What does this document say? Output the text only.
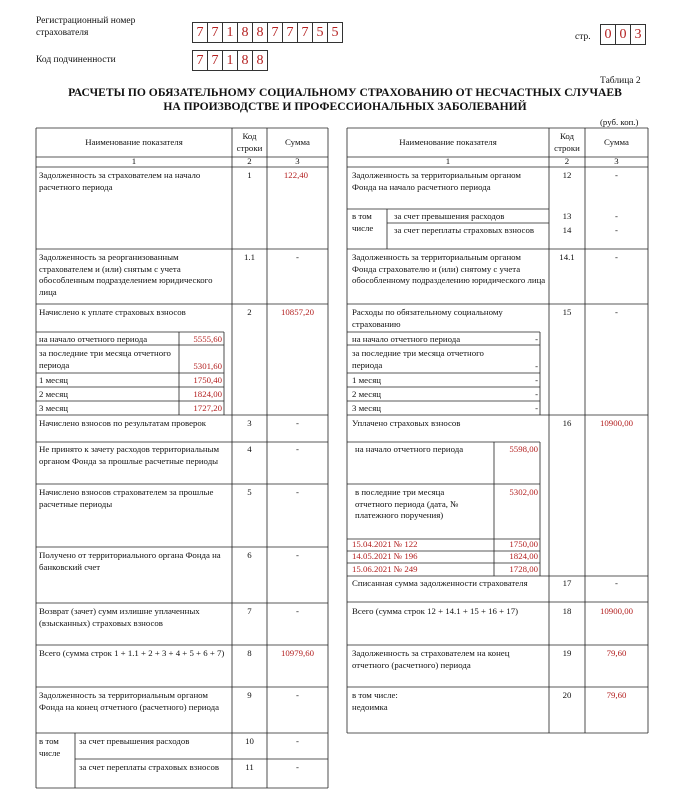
Регистрационный номер страхователя	7 7 1 8 8 7 7 7 5 5
Код подчиненности	7 7 1 8 8
стр. 0 0 3
Таблица 2
РАСЧЕТЫ ПО ОБЯЗАТЕЛЬНОМУ СОЦИАЛЬНОМУ СТРАХОВАНИЮ ОТ НЕСЧАСТНЫХ СЛУЧАЕВ
НА ПРОИЗВОДСТВЕ И ПРОФЕССИОНАЛЬНЫХ ЗАБОЛЕВАНИЙ
(руб. коп.)
Наименование показателя
Код строки
Сумма
1	2	3
Задолженность за страхователем на начало расчетного периода
1	122,40
Задолженность за реорганизованным страхователем и (или) снятым с учета обособленным подразделением юридического лица
1.1	-
Начислено к уплате страховых взносов	2	10857,20
на начало отчетного периода	5555,60
за последние три месяца отчетного периода	5301,60
1 месяц	1750,40
2 месяц	1824,00
3 месяц	1727,20
Начислено взносов по результатам проверок	3	-
Не принято к зачету расходов территориальным органом Фонда за прошлые расчетные периоды
4	-
Начислено взносов страхователем за прошлые расчетные периоды
5	-
Получено от территориального органа Фонда на банковский счет
6	-
Возврат (зачет) сумм излишне уплаченных (взысканных) страховых взносов
7	-
Всего (сумма строк 1 + 1.1 + 2 + 3 + 4 + 5 + 6 + 7)	8	10979,60
Задолженность за территориальным органом Фонда на конец отчетного (расчетного) периода
9	-
в том числе
за счет превышения расходов	10	-
за счет переплаты страховых взносов	11	-
Наименование показателя
Код строки
Сумма
1	2	3
Задолженность за территориальным органом Фонда на начало расчетного периода
12	-
в том числе
за счет превышения расходов	13	-
за счет переплаты страховых взносов	14	-
Задолженность за территориальным органом Фонда страхователю и (или) снятому с учета обособленному подразделению юридического лица
14.1	-
Расходы по обязательному социальному страхованию
15	-
на начало отчетного периода	-
за последние три месяца отчетного периода	-
1 месяц	-
2 месяц	-
3 месяц	-
Уплачено страховых взносов	16	10900,00
на начало отчетного периода	5598,00
в последние три месяца отчетного периода (дата, № платежного поручения)
5302,00
15.04.2021 № 122	1750,00
14.05.2021 № 196	1824,00
15.06.2021 № 249	1728,00
Списанная сумма задолженности страхователя	17	-
Всего (сумма строк 12 + 14.1 + 15 + 16 + 17)	18	10900,00
Задолженность за страхователем на конец отчетного (расчетного) периода
19	79,60
в том числе:
недоимка
20	79,60
